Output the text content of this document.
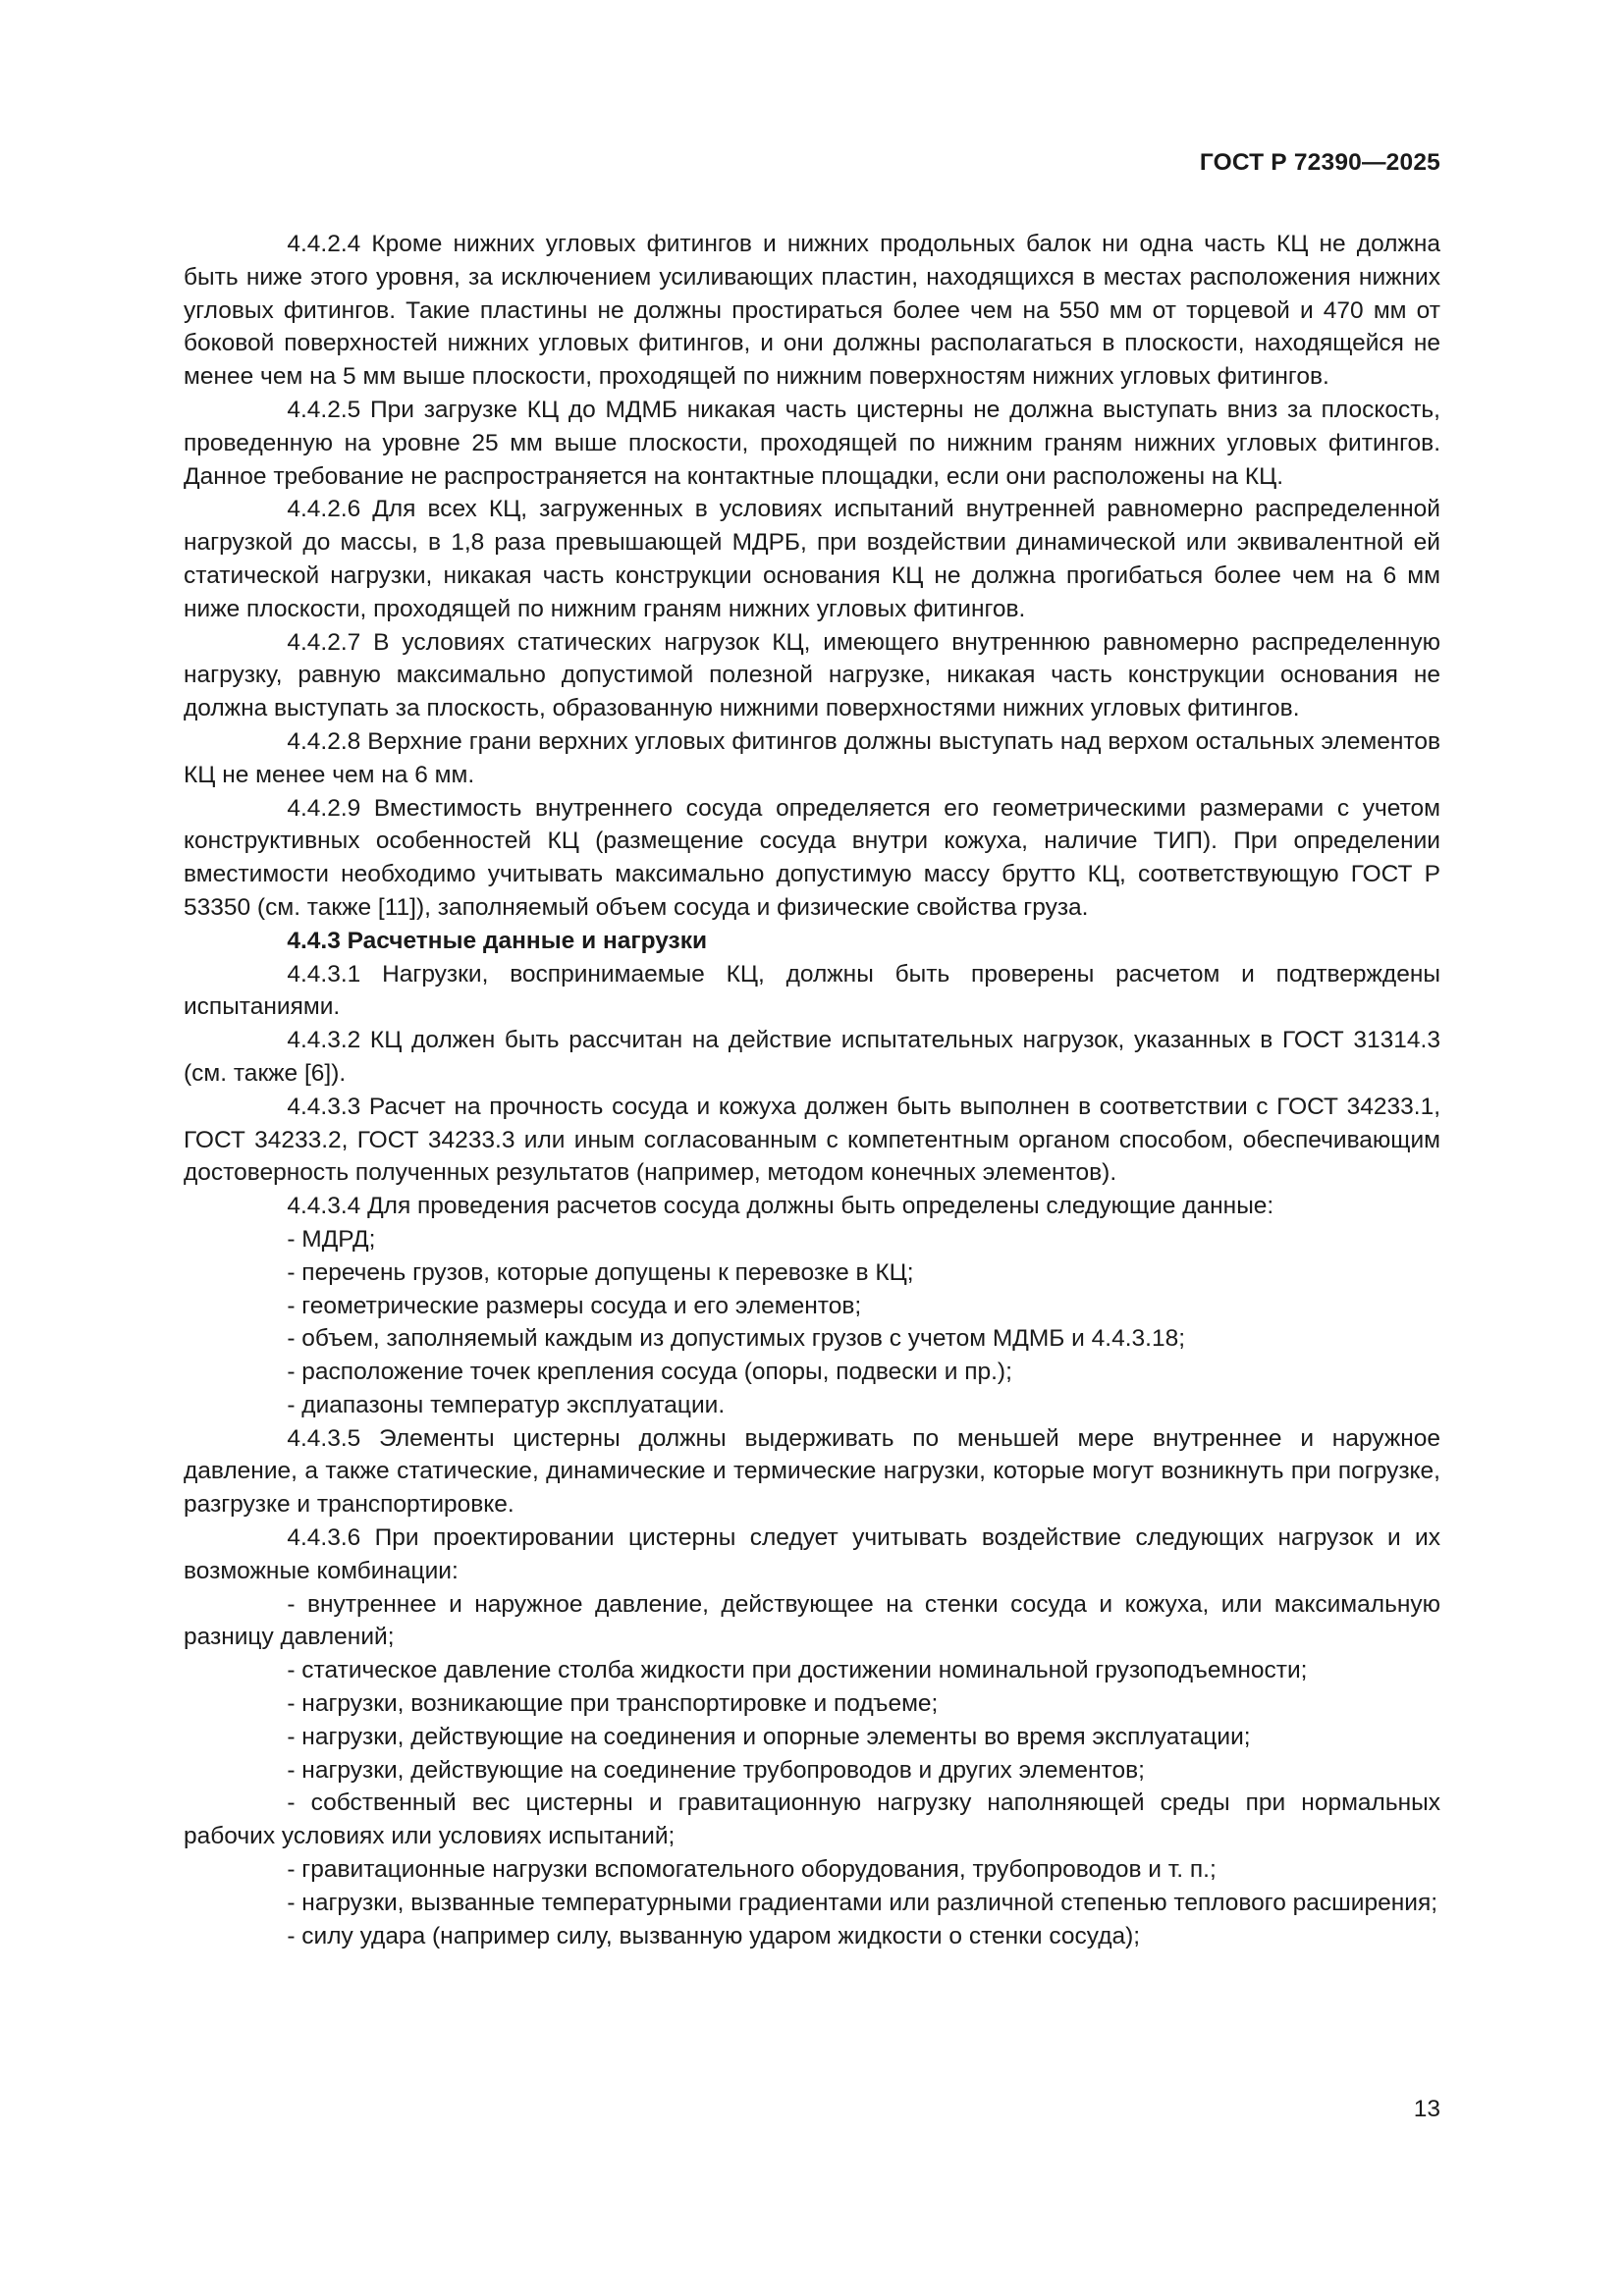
ГОСТ Р 72390—2025

4.4.2.4 Кроме нижних угловых фитингов и нижних продольных балок ни одна часть КЦ не должна быть ниже этого уровня, за исключением усиливающих пластин, находящихся в местах расположения нижних угловых фитингов. Такие пластины не должны простираться более чем на 550 мм от торцевой и 470 мм от боковой поверхностей нижних угловых фитингов, и они должны располагаться в плоскости, находящейся не менее чем на 5 мм выше плоскости, проходящей по нижним поверхностям нижних угловых фитингов.

4.4.2.5 При загрузке КЦ до МДМБ никакая часть цистерны не должна выступать вниз за плоскость, проведенную на уровне 25 мм выше плоскости, проходящей по нижним граням нижних угловых фитингов. Данное требование не распространяется на контактные площадки, если они расположены на КЦ.

4.4.2.6 Для всех КЦ, загруженных в условиях испытаний внутренней равномерно распределенной нагрузкой до массы, в 1,8 раза превышающей МДРБ, при воздействии динамической или эквивалентной ей статической нагрузки, никакая часть конструкции основания КЦ не должна прогибаться более чем на 6 мм ниже плоскости, проходящей по нижним граням нижних угловых фитингов.

4.4.2.7 В условиях статических нагрузок КЦ, имеющего внутреннюю равномерно распределенную нагрузку, равную максимально допустимой полезной нагрузке, никакая часть конструкции основания не должна выступать за плоскость, образованную нижними поверхностями нижних угловых фитингов.

4.4.2.8 Верхние грани верхних угловых фитингов должны выступать над верхом остальных элементов КЦ не менее чем на 6 мм.

4.4.2.9 Вместимость внутреннего сосуда определяется его геометрическими размерами с учетом конструктивных особенностей КЦ (размещение сосуда внутри кожуха, наличие ТИП). При определении вместимости необходимо учитывать максимально допустимую массу брутто КЦ, соответствующую ГОСТ Р 53350 (см. также [11]), заполняемый объем сосуда и физические свойства груза.

4.4.3 Расчетные данные и нагрузки

4.4.3.1 Нагрузки, воспринимаемые КЦ, должны быть проверены расчетом и подтверждены испытаниями.

4.4.3.2 КЦ должен быть рассчитан на действие испытательных нагрузок, указанных в ГОСТ 31314.3 (см. также [6]).

4.4.3.3 Расчет на прочность сосуда и кожуха должен быть выполнен в соответствии с ГОСТ 34233.1, ГОСТ 34233.2, ГОСТ 34233.3 или иным согласованным с компетентным органом способом, обеспечивающим достоверность полученных результатов (например, методом конечных элементов).

4.4.3.4 Для проведения расчетов сосуда должны быть определены следующие данные:

- МДРД;

- перечень грузов, которые допущены к перевозке в КЦ;

- геометрические размеры сосуда и его элементов;

- объем, заполняемый каждым из допустимых грузов с учетом МДМБ и 4.4.3.18;

- расположение точек крепления сосуда (опоры, подвески и пр.);

- диапазоны температур эксплуатации.

4.4.3.5 Элементы цистерны должны выдерживать по меньшей мере внутреннее и наружное давление, а также статические, динамические и термические нагрузки, которые могут возникнуть при погрузке, разгрузке и транспортировке.

4.4.3.6 При проектировании цистерны следует учитывать воздействие следующих нагрузок и их возможные комбинации:

- внутреннее и наружное давление, действующее на стенки сосуда и кожуха, или максимальную разницу давлений;

- статическое давление столба жидкости при достижении номинальной грузоподъемности;

- нагрузки, возникающие при транспортировке и подъеме;

- нагрузки, действующие на соединения и опорные элементы во время эксплуатации;

- нагрузки, действующие на соединение трубопроводов и других элементов;

- собственный вес цистерны и гравитационную нагрузку наполняющей среды при нормальных рабочих условиях или условиях испытаний;

- гравитационные нагрузки вспомогательного оборудования, трубопроводов и т. п.;

- нагрузки, вызванные температурными градиентами или различной степенью теплового расширения;

- силу удара (например силу, вызванную ударом жидкости о стенки сосуда);

13
